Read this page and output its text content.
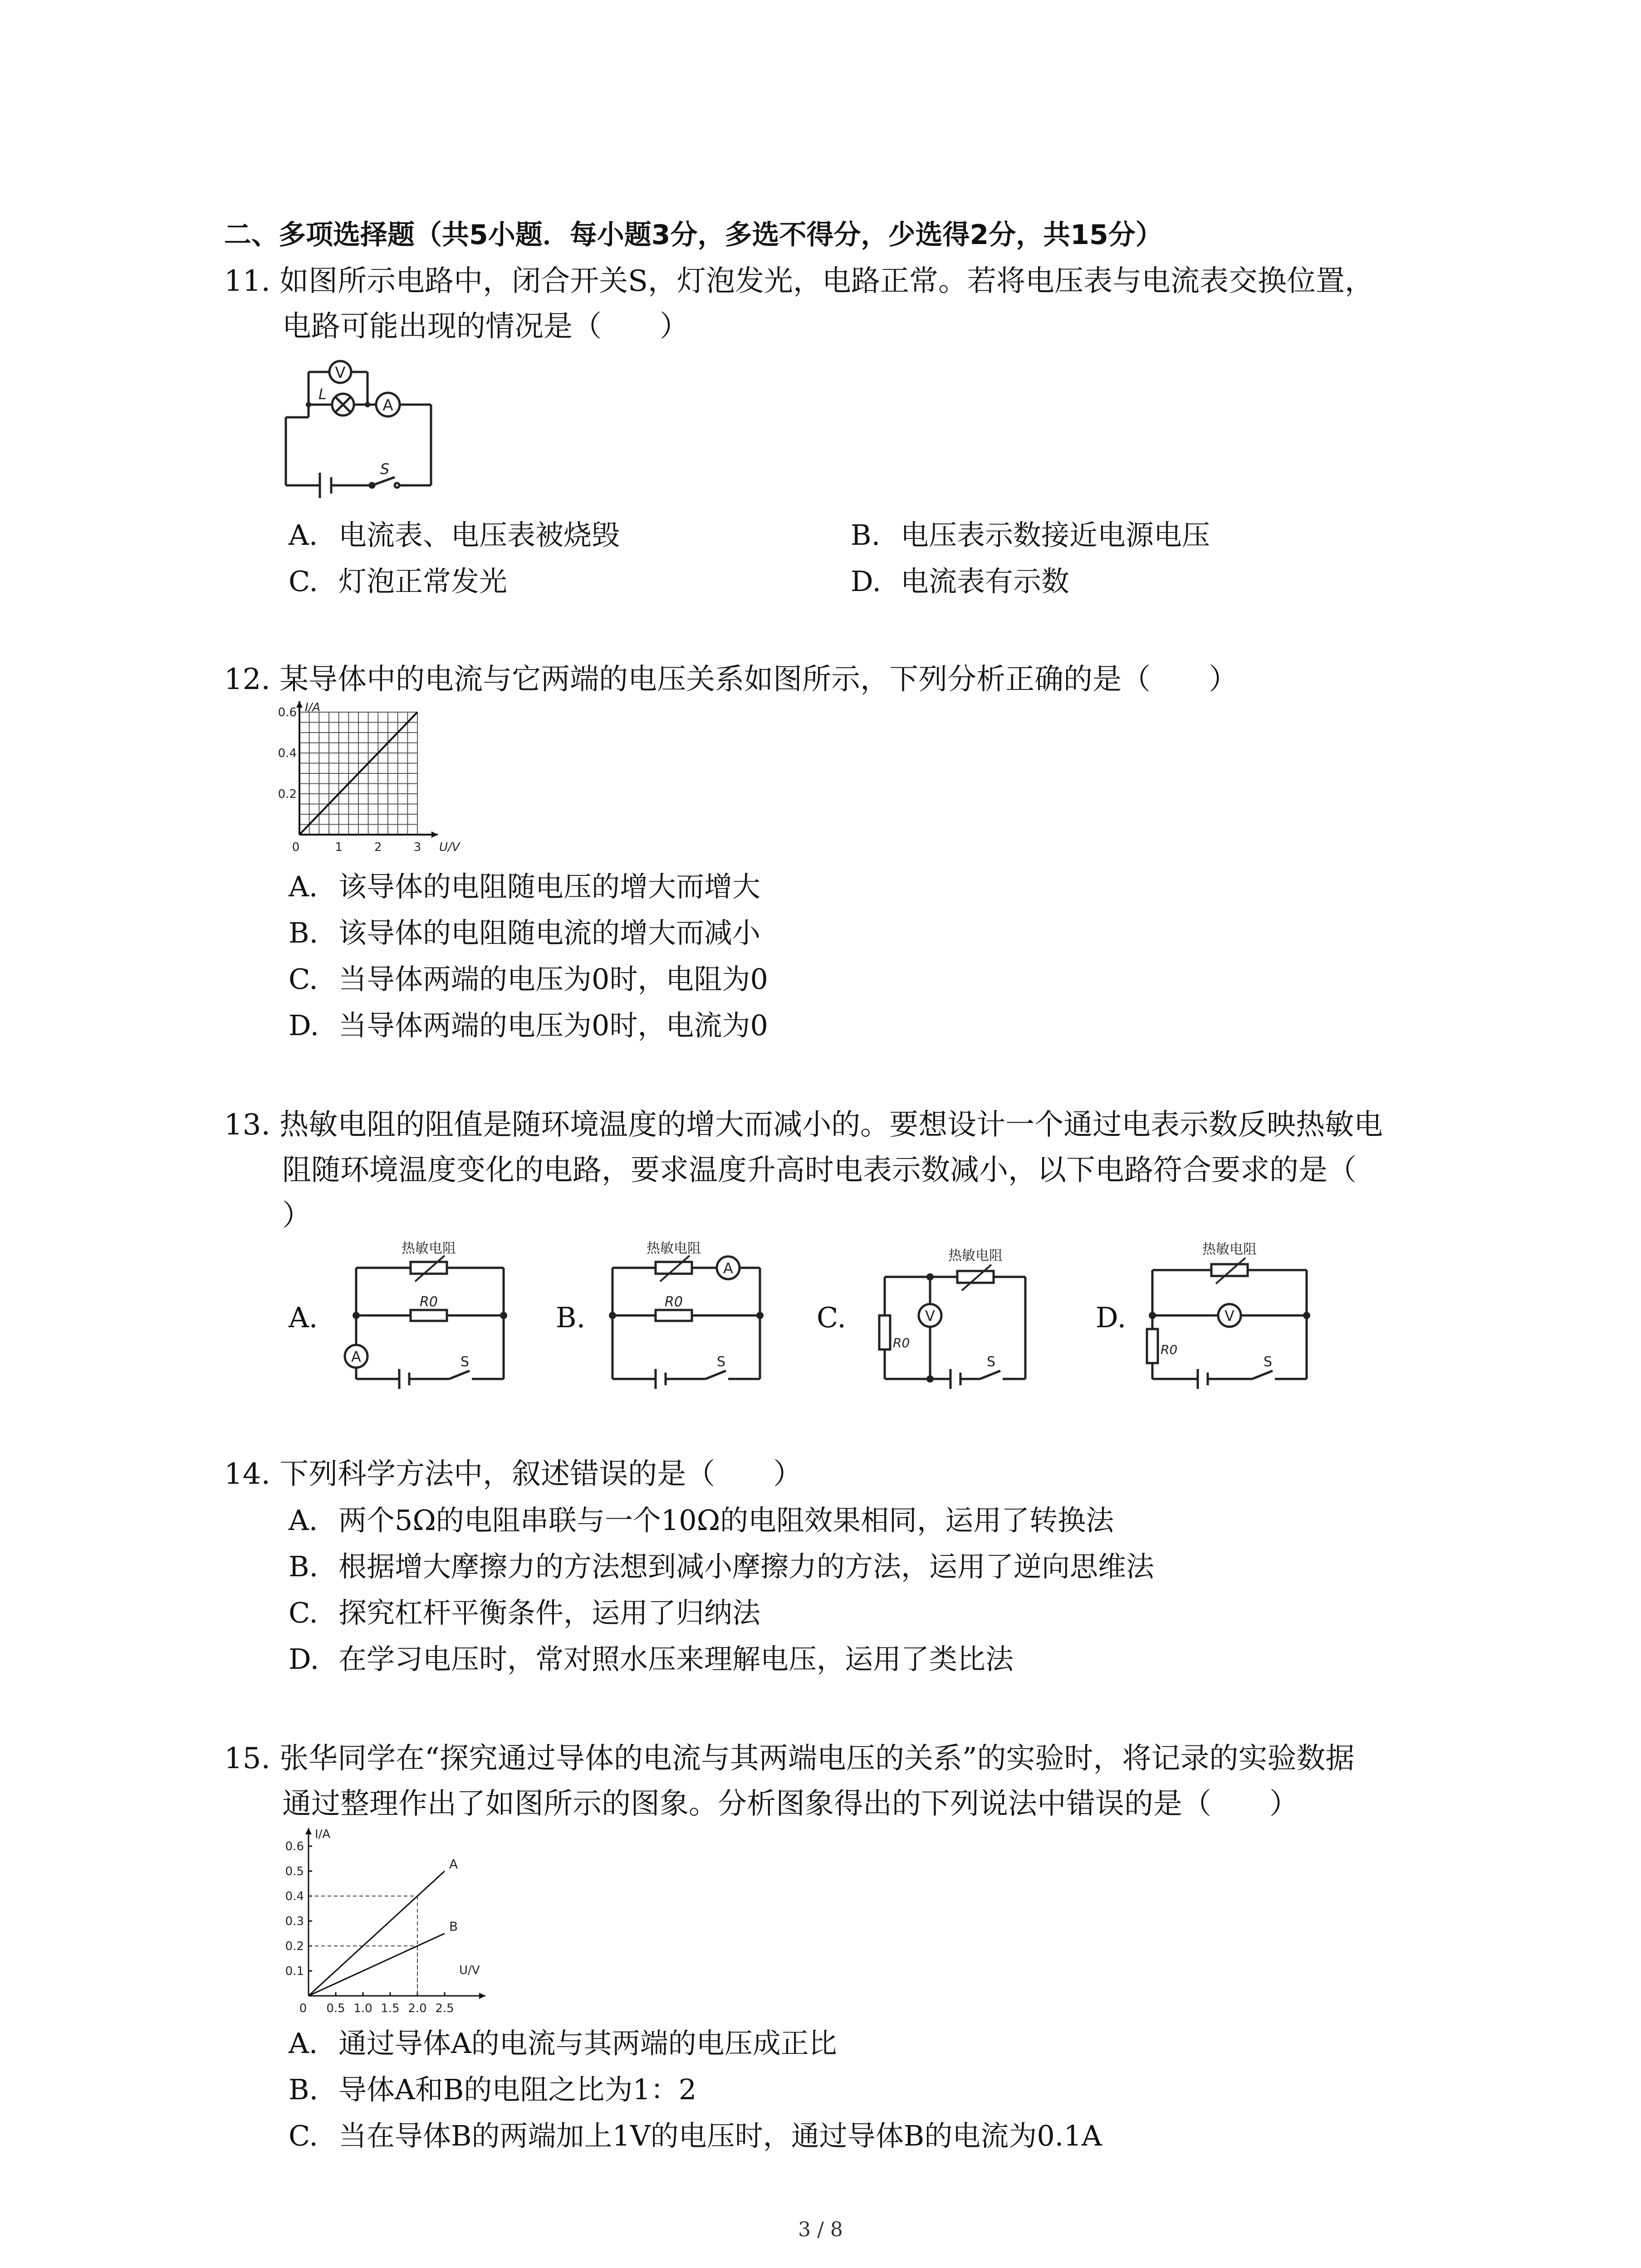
二、多项选择题（共5小题．每小题3分，多选不得分，少选得2分，共15分）
11. 如图所示电路中，闭合开关S，灯泡发光，电路正常。若将电压表与电流表交换位置，
电路可能出现的情况是（　　）
V
L
A
S
A. 电流表、电压表被烧毁	B. 电压表示数接近电源电压
C. 灯泡正常发光	D. 电流表有示数
12. 某导体中的电流与它两端的电压关系如图所示，下列分析正确的是（　　）
0	1	2	3
0.2
0.4
0.6
U/V
I/A
A. 该导体的电阻随电压的增大而增大
B. 该导体的电阻随电流的增大而减小
C. 当导体两端的电压为0时，电阻为0
D. 当导体两端的电压为0时，电流为0
13. 热敏电阻的阻值是随环境温度的增大而减小的。要想设计一个通过电表示数反映热敏电
阻随环境温度变化的电路，要求温度升高时电表示数减小，以下电路符合要求的是（
）
A.
热敏电阻
R0
A	S
B.
热敏电阻
R0
A
S
C.
热敏电阻
R0
V
S
D.
热敏电阻
R0
V
S
14. 下列科学方法中，叙述错误的是（　　）
A. 两个5Ω的电阻串联与一个10Ω的电阻效果相同，运用了转换法
B. 根据增大摩擦力的方法想到减小摩擦力的方法，运用了逆向思维法
C. 探究杠杆平衡条件，运用了归纳法
D. 在学习电压时，常对照水压来理解电压，运用了类比法
15. 张华同学在“探究通过导体的电流与其两端电压的关系”的实验时，将记录的实验数据
通过整理作出了如图所示的图象。分析图象得出的下列说法中错误的是（　　）
0 0.5 1.0 1.5 2.0 2.5
0.1
0.2
0.3
0.4
0.5
0.6
U/V
I/A
A
B
A. 通过导体A的电流与其两端的电压成正比
B. 导体A和B的电阻之比为1：2
C. 当在导体B的两端加上1V的电压时，通过导体B的电流为0.1A
3 / 8
